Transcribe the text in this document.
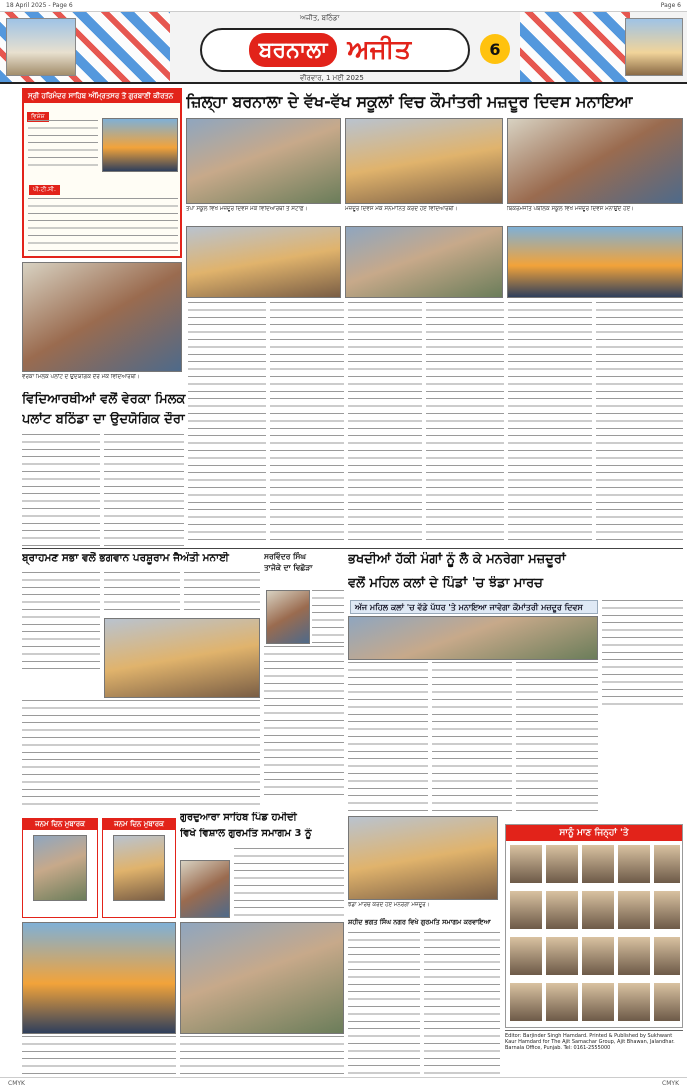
18 April 2025 - Page 6	Page 6
ਅਜੀਤ, ਬਠਿੰਡਾ
ਬਰਨਾਲਾ ਅਜੀਤ	6
ਵੀਰਵਾਰ, 1 ਮਈ 2025
ਸ੍ਰੀ ਹਰਿਮੰਦਰ ਸਾਹਿਬ ਅੰਮ੍ਰਿਤਸਰ ਤੋਂ ਗੁਰਬਾਣੀ ਕੀਰਤਨ
ਵਿਸ਼ੇਸ਼
ਪੀ.ਟੀ.ਸੀ.
ਜ਼ਿਲ੍ਹਾ ਬਰਨਾਲਾ ਦੇ ਵੱਖ-ਵੱਖ ਸਕੂਲਾਂ ਵਿਚ ਕੌਮਾਂਤਰੀ ਮਜ਼ਦੂਰ ਦਿਵਸ ਮਨਾਇਆ
ਤਪਾ ਸਕੂਲ ਵਿਖੇ ਮਜ਼ਦੂਰ ਦਿਵਸ ਮੌਕੇ ਵਿਦਿਆਰਥੀ ਤੇ ਸਟਾਫ਼।	ਮਜ਼ਦੂਰ ਦਿਵਸ ਮੌਕੇ ਸਨਮਾਨਿਤ ਕਰਦੇ ਹੋਏ ਵਿਦਿਆਰਥੀ।	ਬਿਕਰਮਜੀਤ ਪਬਲਿਕ ਸਕੂਲ ਵਿਖੇ ਮਜ਼ਦੂਰ ਦਿਵਸ ਮਨਾਉਂਦੇ ਹੋਏ।
ਵੇਰਕਾ ਮਿਲਕ ਪਲਾਂਟ ਦੇ ਉਦਯੋਗਿਕ ਦੌਰੇ ਮੌਕੇ ਵਿਦਿਆਰਥੀ।
ਵਿਦਿਆਰਥੀਆਂ ਵਲੋਂ ਵੇਰਕਾ ਮਿਲਕ
ਪਲਾਂਟ ਬਠਿੰਡਾ ਦਾ ਉਦਯੋਗਿਕ ਦੌਰਾ
ਬ੍ਰਾਹਮਣ ਸਭਾ ਵਲੋਂ ਭਗਵਾਨ ਪਰਸ਼ੂਰਾਮ ਜੈਅੰਤੀ ਮਨਾਈ	ਸਰਵਿੰਦਰ ਸਿੰਘ
ਤਾਜੋਕੇ ਦਾ ਵਿਛੋੜਾ
ਭਖਦੀਆਂ ਹੱਕੀ ਮੰਗਾਂ ਨੂੰ ਲੈ ਕੇ ਮਨਰੇਗਾ ਮਜ਼ਦੂਰਾਂ
ਵਲੋਂ ਮਹਿਲ ਕਲਾਂ ਦੇ ਪਿੰਡਾਂ 'ਚ ਝੰਡਾ ਮਾਰਚ
ਅੱਜ ਮਹਿਲ ਕਲਾਂ 'ਚ ਵੱਡੇ ਪੱਧਰ 'ਤੇ ਮਨਾਇਆ ਜਾਵੇਗਾ ਕੌਮਾਂਤਰੀ ਮਜ਼ਦੂਰ ਦਿਵਸ
ਸਾਨੂੰ ਮਾਣ ਜਿਨ੍ਹਾਂ 'ਤੇ
ਝੰਡਾ ਮਾਰਚ ਕਰਦੇ ਹੋਏ ਮਨਰੇਗਾ ਮਜ਼ਦੂਰ।
ਗੁਰਦੁਆਰਾ ਸਾਹਿਬ ਪਿੰਡ ਹਮੀਦੀ
ਵਿਖੇ ਵਿਸ਼ਾਲ ਗੁਰਮਤਿ ਸਮਾਗਮ 3 ਨੂੰ
ਜਨਮ ਦਿਨ ਮੁਬਾਰਕ	ਜਨਮ ਦਿਨ ਮੁਬਾਰਕ
ਸ਼ਹੀਦ ਭਗਤ ਸਿੰਘ ਨਗਰ ਵਿਖੇ ਗੁਰਮਤਿ ਸਮਾਗਮ ਕਰਵਾਇਆ
Editor: Barjinder Singh Hamdard. Printed & Published by Sukhwant Kaur Hamdard for The Ajit Samachar Group, Ajit Bhawan, Jalandhar. Barnala Office, Punjab. Tel: 0161-2555000
CMYK	CMYK
